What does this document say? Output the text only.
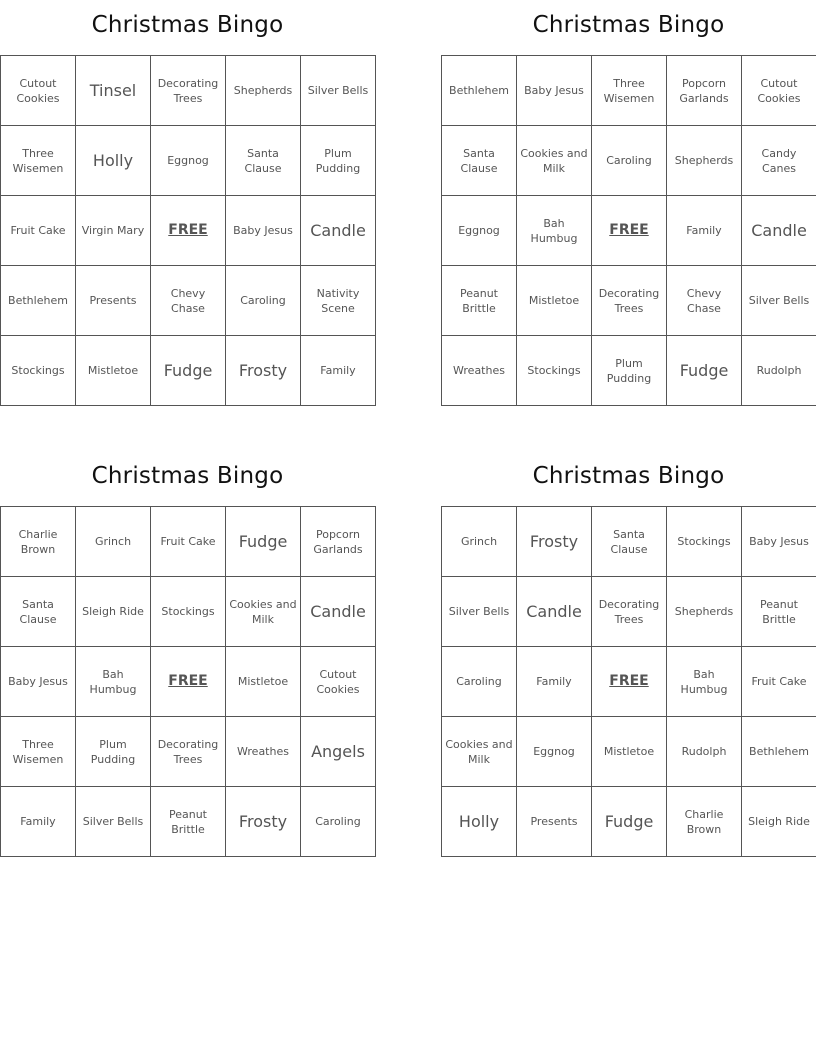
Christmas Bingo
Cutout Cookies	Tinsel	Decorating Trees	Shepherds	Silver Bells
Three Wisemen	Holly	Eggnog	Santa Clause	Plum Pudding
Fruit Cake	Virgin Mary	FREE	Baby Jesus	Candle
Bethlehem	Presents	Chevy Chase	Caroling	Nativity Scene
Stockings	Mistletoe	Fudge	Frosty	Family
Christmas Bingo
Bethlehem	Baby Jesus	Three Wisemen	Popcorn Garlands	Cutout Cookies
Santa Clause	Cookies and Milk	Caroling	Shepherds	Candy Canes
Eggnog	Bah Humbug	FREE	Family	Candle
Peanut Brittle	Mistletoe	Decorating Trees	Chevy Chase	Silver Bells
Wreathes	Stockings	Plum Pudding	Fudge	Rudolph
Christmas Bingo
Charlie Brown	Grinch	Fruit Cake	Fudge	Popcorn Garlands
Santa Clause	Sleigh Ride	Stockings	Cookies and Milk	Candle
Baby Jesus	Bah Humbug	FREE	Mistletoe	Cutout Cookies
Three Wisemen	Plum Pudding	Decorating Trees	Wreathes	Angels
Family	Silver Bells	Peanut Brittle	Frosty	Caroling
Christmas Bingo
Grinch	Frosty	Santa Clause	Stockings	Baby Jesus
Silver Bells	Candle	Decorating Trees	Shepherds	Peanut Brittle
Caroling	Family	FREE	Bah Humbug	Fruit Cake
Cookies and Milk	Eggnog	Mistletoe	Rudolph	Bethlehem
Holly	Presents	Fudge	Charlie Brown	Sleigh Ride
